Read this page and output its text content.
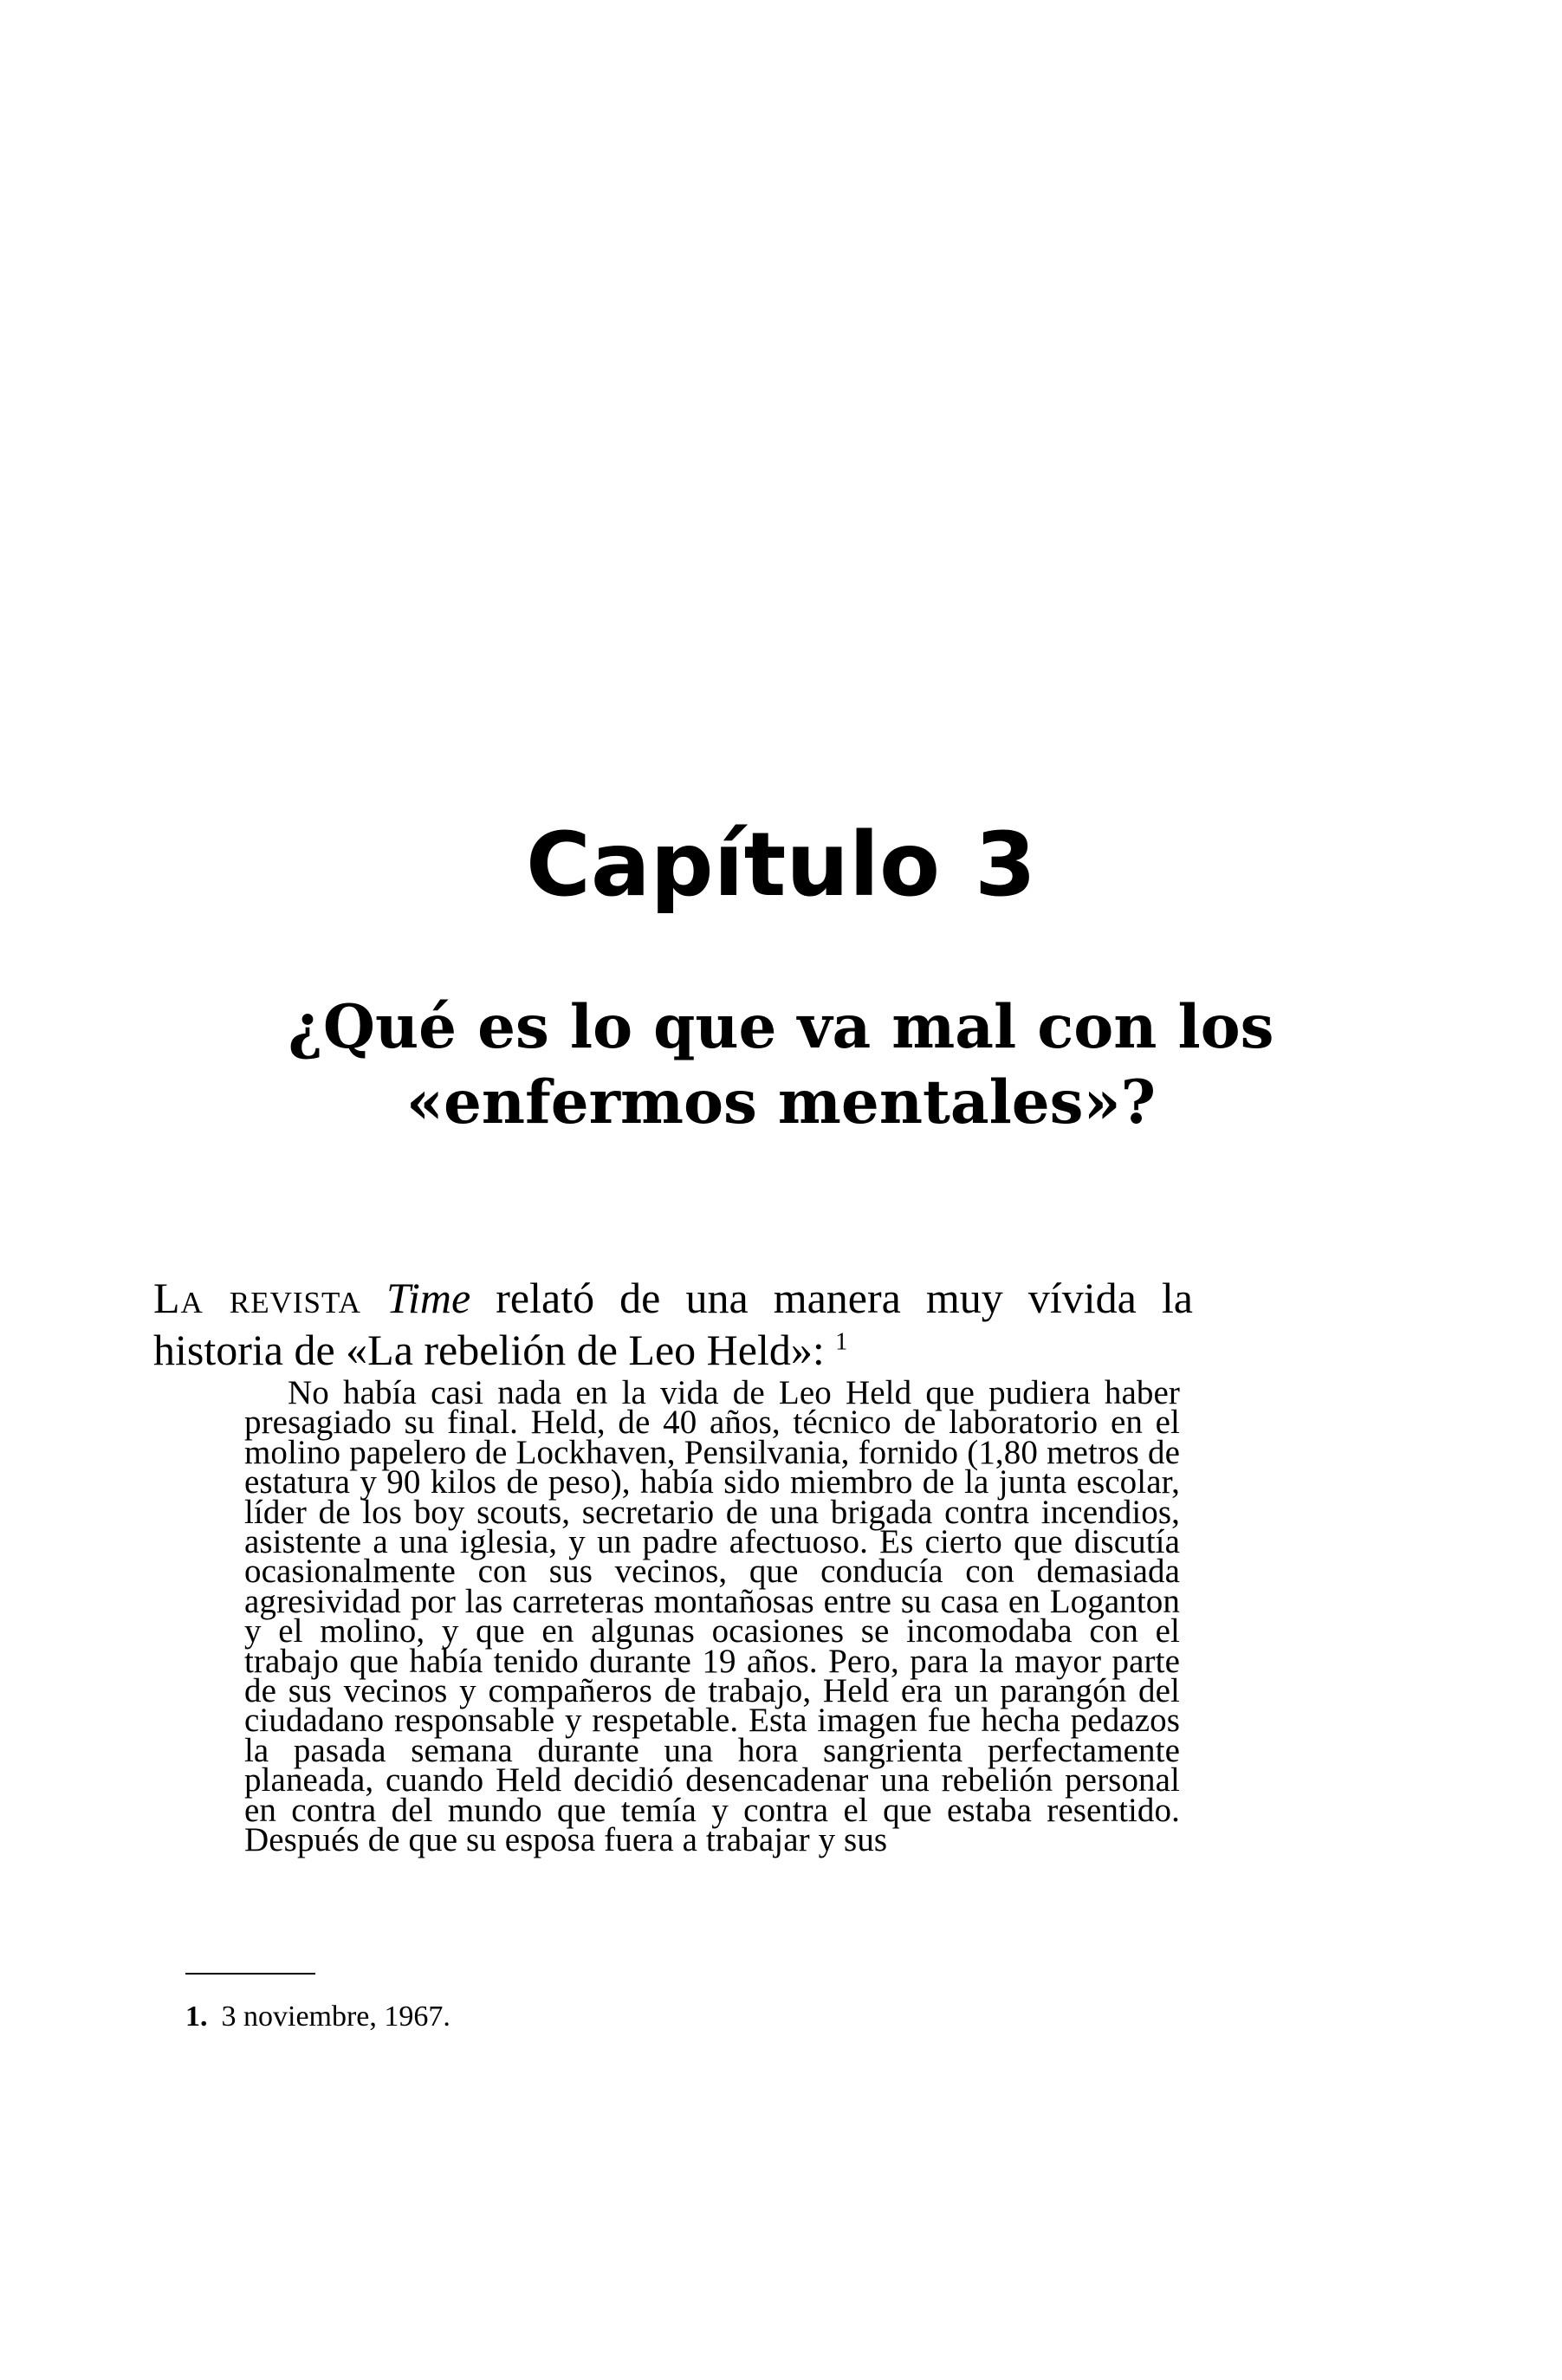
Capítulo 3
¿Qué es lo que va mal con los
«enfermos mentales»?

La revista Time relató de una manera muy vívida la historia de «La rebelión de Leo Held»: $^1$

No había casi nada en la vida de Leo Held que pudiera haber presagiado su final. Held, de 40 años, técnico de laboratorio en el molino papelero de Lockhaven, Pensilvania, fornido (1,80 metros de estatura y 90 kilos de peso), había sido miembro de la junta escolar, líder de los boy scouts, secretario de una brigada contra incendios, asistente a una iglesia, y un padre afectuoso. Es cierto que discutía ocasionalmente con sus vecinos, que conducía con demasiada agresividad por las carreteras montañosas entre su casa en Loganton y el molino, y que en algunas ocasiones se incomodaba con el trabajo que había tenido durante 19 años. Pero, para la mayor parte de sus vecinos y compañeros de trabajo, Held era un parangón del ciudadano responsable y respetable. Esta imagen fue hecha pedazos la pasada semana durante una hora sangrienta perfectamente planeada, cuando Held decidió desencadenar una rebelión personal en contra del mundo que temía y contra el que estaba resentido. Después de que su esposa fuera a trabajar y sus

1. 3 noviembre, 1967.
